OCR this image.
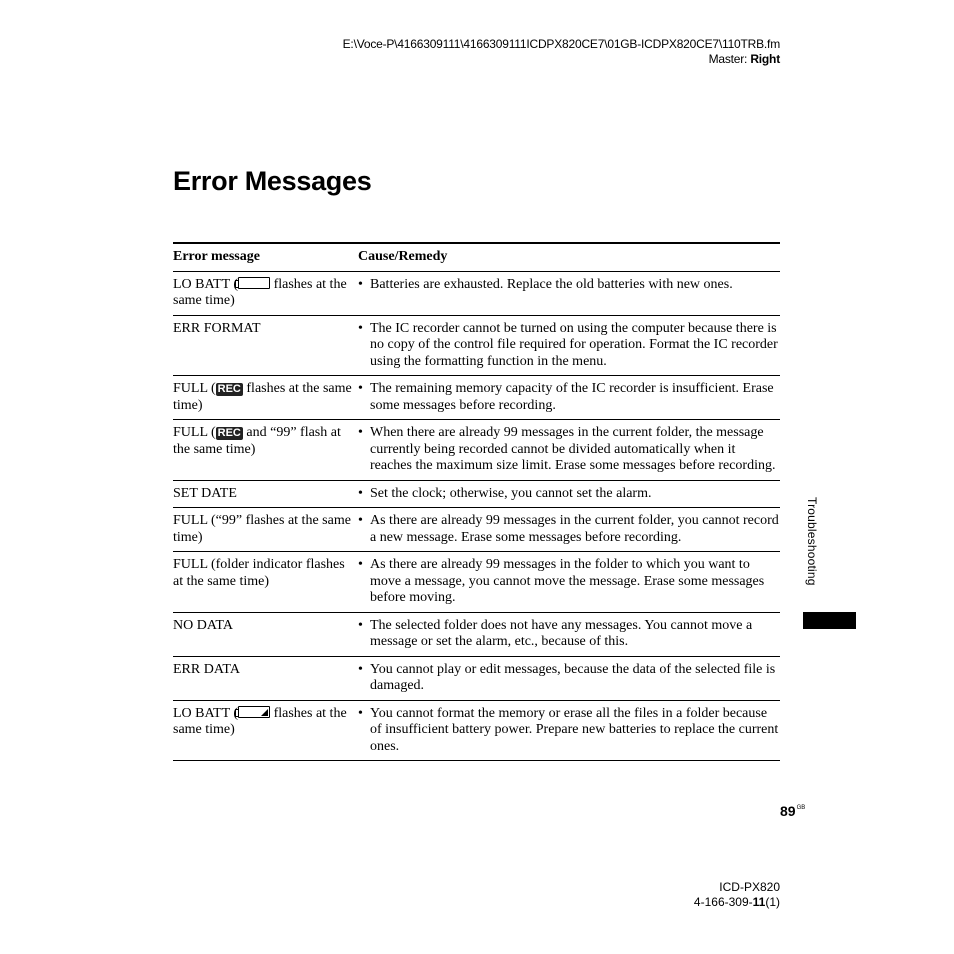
E:\Voce-P\4166309111\4166309111ICDPX820CE7\01GB-ICDPX820CE7\110TRB.fm
Master: Right
Error Messages
Error message	Cause/Remedy
LO BATT ( flashes at the same time)	• Batteries are exhausted. Replace the old batteries with new ones.

ERR FORMAT	• The IC recorder cannot be turned on using the computer because there is no copy of the control file required for operation. Format the IC recorder using the formatting function in the menu.

FULL ( REC flashes at the same time)	• The remaining memory capacity of the IC recorder is insufficient. Erase some messages before recording.

FULL ( REC and “99” flash at the same time)	• When there are already 99 messages in the current folder, the message currently being recorded cannot be divided automatically when it reaches the maximum size limit. Erase some messages before recording.

SET DATE	• Set the clock; otherwise, you cannot set the alarm.

FULL (“99” flashes at the same time)	• As there are already 99 messages in the current folder, you cannot record a new message. Erase some messages before recording.

FULL (folder indicator flashes at the same time)	• As there are already 99 messages in the folder to which you want to move a message, you cannot move the message. Erase some messages before moving.

NO DATA	• The selected folder does not have any messages. You cannot move a message or set the alarm, etc., because of this.

ERR DATA	• You cannot play or edit messages, because the data of the selected file is damaged.

LO BATT ( flashes at the same time)	• You cannot format the memory or erase all the files in a folder because of insufficient battery power. Prepare new batteries to replace the current ones.
Troubleshooting
$89^{GB}$
ICD-PX820
4-166-309-11(1)
